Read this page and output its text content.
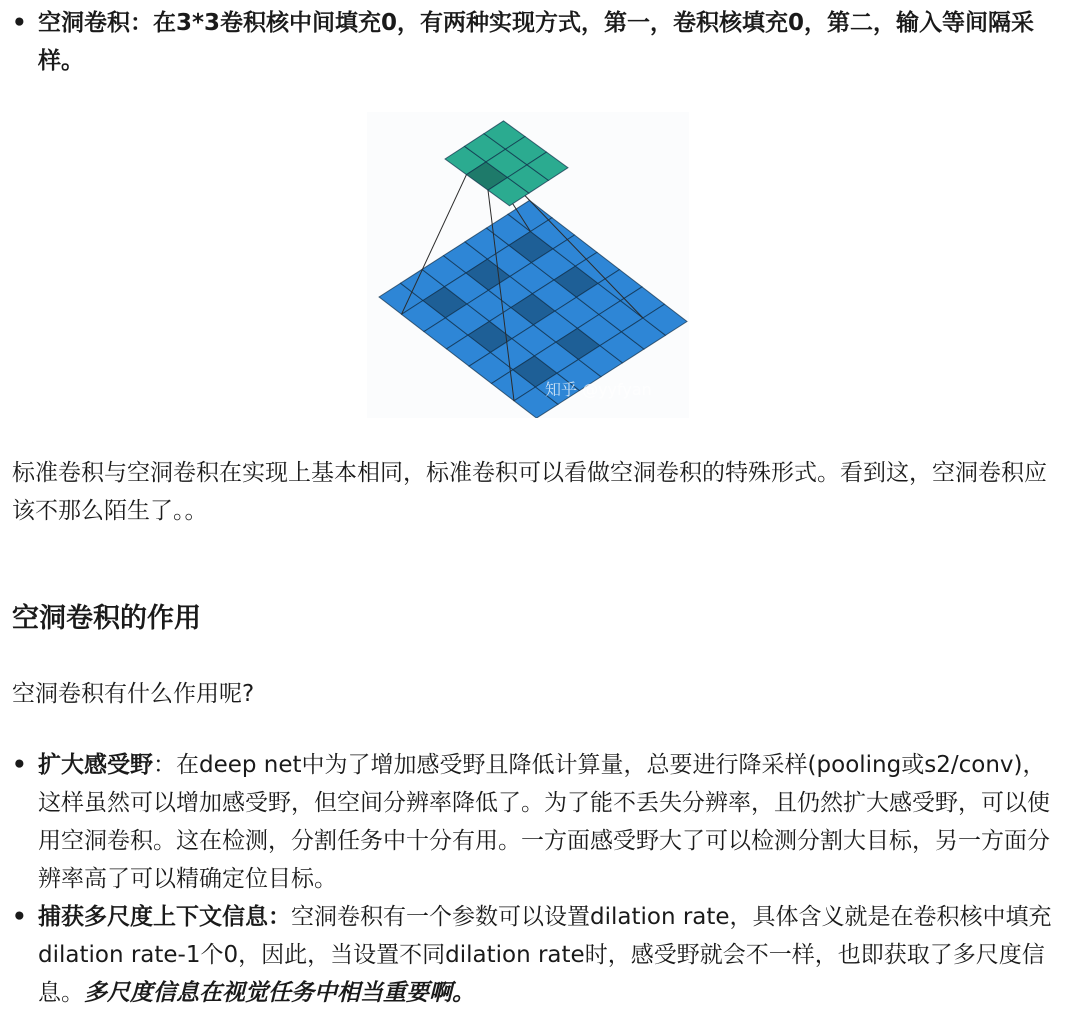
• 空洞卷积：在3*3卷积核中间填充0，有两种实现方式，第一，卷积核填充0，第二，输入等间隔采样。
知乎 @yyfyan
标准卷积与空洞卷积在实现上基本相同，标准卷积可以看做空洞卷积的特殊形式。看到这，空洞卷积应该不那么陌生了。。
空洞卷积的作用
空洞卷积有什么作用呢?
• 扩大感受野：在deep net中为了增加感受野且降低计算量，总要进行降采样(pooling或s2/conv)，这样虽然可以增加感受野，但空间分辨率降低了。为了能不丢失分辨率，且仍然扩大感受野，可以使用空洞卷积。这在检测，分割任务中十分有用。一方面感受野大了可以检测分割大目标，另一方面分辨率高了可以精确定位目标。
• 捕获多尺度上下文信息：空洞卷积有一个参数可以设置dilation rate，具体含义就是在卷积核中填充dilation rate-1个0，因此，当设置不同dilation rate时，感受野就会不一样，也即获取了多尺度信息。多尺度信息在视觉任务中相当重要啊。
